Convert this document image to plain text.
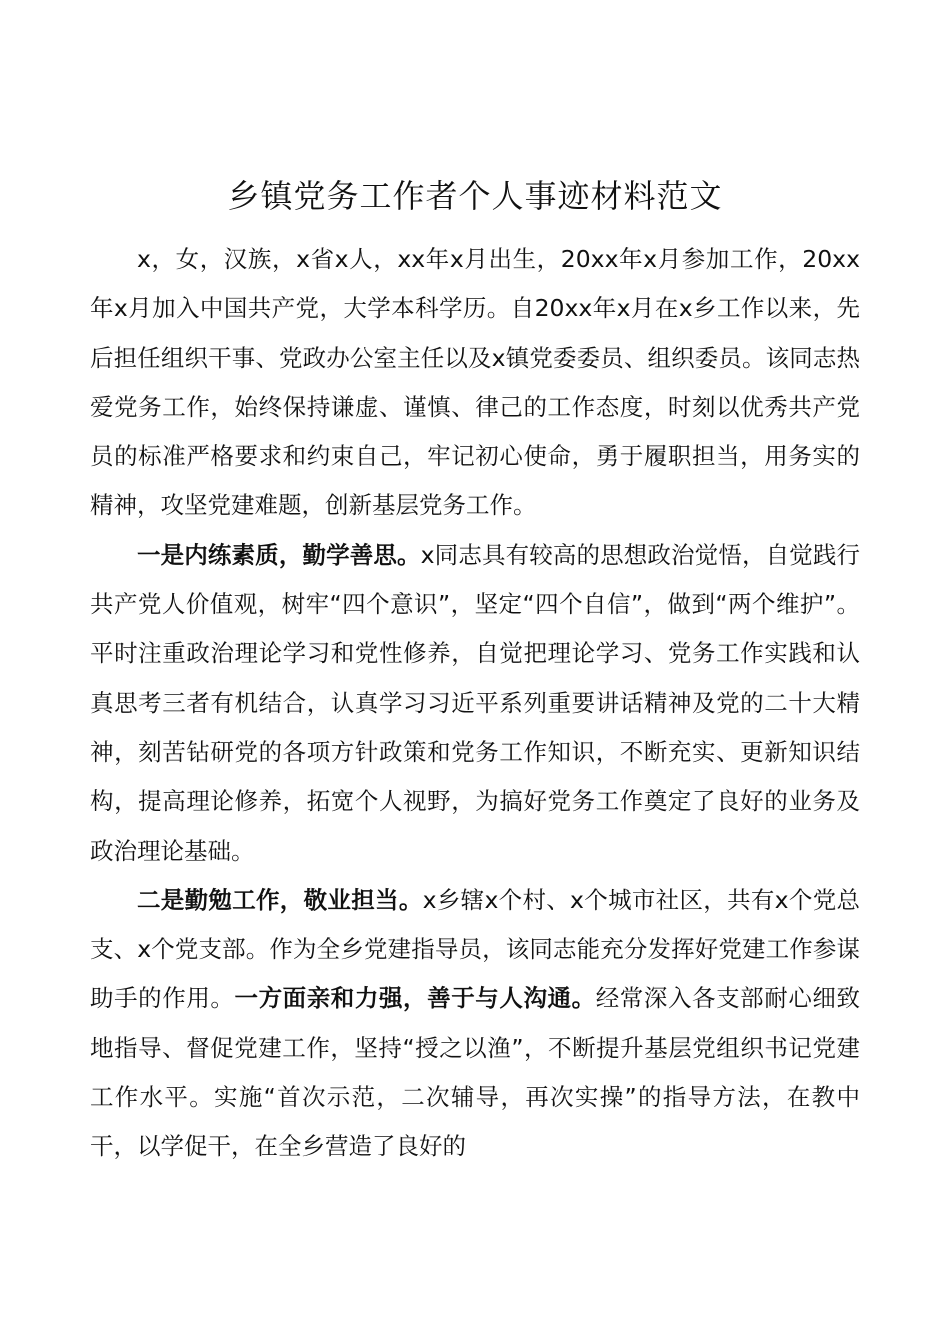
乡镇党务工作者个人事迹材料范文

x，女，汉族，x省x人，xx年x月出生，20xx年x月参加工作，20xx年x月加入中国共产党，大学本科学历。自20xx年x月在x乡工作以来，先后担任组织干事、党政办公室主任以及x镇党委委员、组织委员。该同志热爱党务工作，始终保持谦虚、谨慎、律己的工作态度，时刻以优秀共产党员的标准严格要求和约束自己，牢记初心使命，勇于履职担当，用务实的精神，攻坚党建难题，创新基层党务工作。

一是内练素质，勤学善思。x同志具有较高的思想政治觉悟，自觉践行共产党人价值观，树牢“四个意识”，坚定“四个自信”，做到“两个维护”。平时注重政治理论学习和党性修养，自觉把理论学习、党务工作实践和认真思考三者有机结合，认真学习习近平系列重要讲话精神及党的二十大精神，刻苦钻研党的各项方针政策和党务工作知识，不断充实、更新知识结构，提高理论修养，拓宽个人视野，为搞好党务工作奠定了良好的业务及政治理论基础。

二是勤勉工作，敬业担当。x乡辖x个村、x个城市社区，共有x个党总支、x个党支部。作为全乡党建指导员，该同志能充分发挥好党建工作参谋助手的作用。一方面亲和力强，善于与人沟通。经常深入各支部耐心细致地指导、督促党建工作，坚持“授之以渔”，不断提升基层党组织书记党建工作水平。实施“首次示范，二次辅导，再次实操”的指导方法，在教中干，以学促干，在全乡营造了良好的
